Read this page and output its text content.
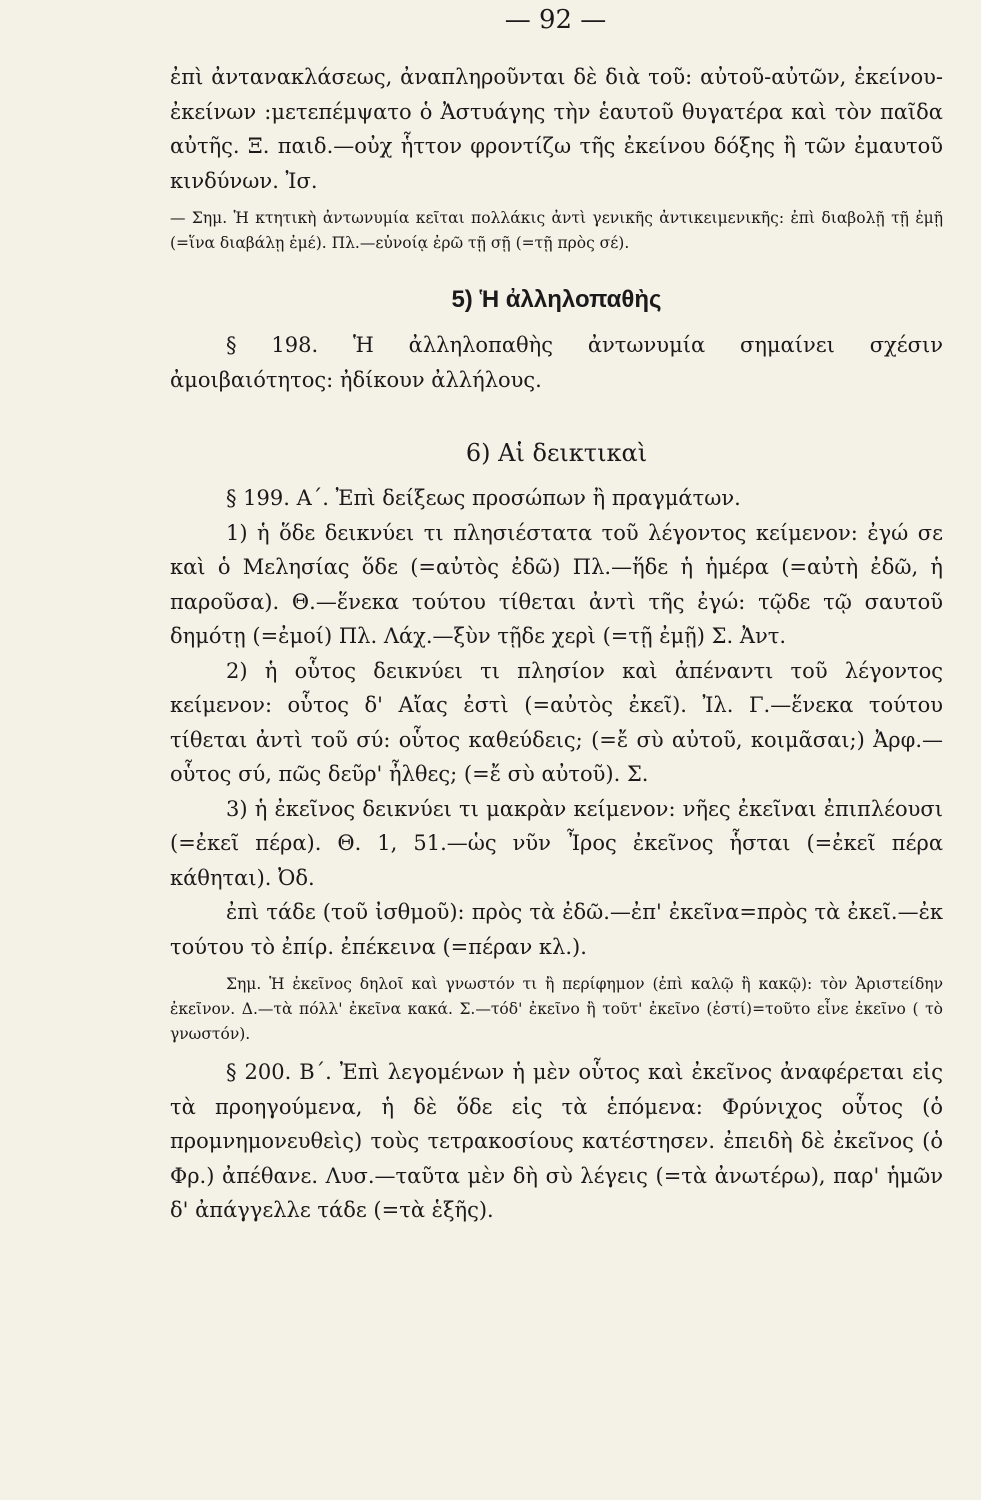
— 92 —

ἐπὶ ἀντανακλάσεως, ἀναπληροῦνται δὲ διὰ τοῦ: αὐτοῦ-αὐτῶν, ἐκείνου-ἐκείνων :μετεπέμψατο ὁ Ἀστυάγης τὴν ἑαυτοῦ θυγατέρα καὶ τὸν παῖδα αὐτῆς. Ξ. παιδ.—οὐχ ἧττον φροντίζω τῆς ἐκείνου δόξης ἢ τῶν ἐμαυτοῦ κινδύνων. Ἰσ.

— Σημ. Ἡ κτητικὴ ἀντωνυμία κεῖται πολλάκις ἀντὶ γενικῆς ἀντικειμενικῆς: ἐπὶ διαβολῇ τῇ ἐμῇ (=ἵνα διαβάλῃ ἐμέ). Πλ.—εὐνοίᾳ ἐρῶ τῇ σῇ (=τῇ πρὸς σέ).

5) Ἡ ἀλληλοπαθὴς

§ 198. Ἡ ἀλληλοπαθὴς ἀντωνυμία σημαίνει σχέσιν ἀμοιβαιότητος: ἠδίκουν ἀλλήλους.

6) Αἱ δεικτικαὶ

§ 199. Α΄. Ἐπὶ δείξεως προσώπων ἢ πραγμάτων.

1) ἡ ὅδε δεικνύει τι πλησιέστατα τοῦ λέγοντος κείμενον: ἐγώ σε καὶ ὁ Μελησίας ὅδε (=αὐτὸς ἐδῶ) Πλ.—ἥδε ἡ ἡμέρα (=αὐτὴ ἐδῶ, ἡ παροῦσα). Θ.—ἕνεκα τούτου τίθεται ἀντὶ τῆς ἐγώ: τῷδε τῷ σαυτοῦ δημότῃ (=ἐμοί) Πλ. Λάχ.—ξὺν τῇδε χερὶ (=τῇ ἐμῇ) Σ. Ἀντ.

2) ἡ οὗτος δεικνύει τι πλησίον καὶ ἀπέναντι τοῦ λέγοντος κείμενον: οὗτος δ' Αἴας ἐστὶ (=αὐτὸς ἐκεῖ). Ἰλ. Γ.—ἕνεκα τούτου τίθεται ἀντὶ τοῦ σύ: οὗτος καθεύδεις; (=ἔ σὺ αὐτοῦ, κοιμᾶσαι;) Ἀρφ.—οὗτος σύ, πῶς δεῦρ' ἦλθες; (=ἔ σὺ αὐτοῦ). Σ.

3) ἡ ἐκεῖνος δεικνύει τι μακρὰν κείμενον: νῆες ἐκεῖναι ἐπιπλέουσι (=ἐκεῖ πέρα). Θ. 1, 51.—ὡς νῦν Ἶρος ἐκεῖνος ἧσται (=ἐκεῖ πέρα κάθηται). Ὀδ.

ἐπὶ τάδε (τοῦ ἰσθμοῦ): πρὸς τὰ ἐδῶ.—ἐπ' ἐκεῖνα=πρὸς τὰ ἐκεῖ.—ἐκ τούτου τὸ ἐπίρ. ἐπέκεινα (=πέραν κλ.).

Σημ. Ἡ ἐκεῖνος δηλοῖ καὶ γνωστόν τι ἢ περίφημον (ἐπὶ καλῷ ἢ κακῷ): τὸν Ἀριστείδην ἐκεῖνον. Δ.—τὰ πόλλ' ἐκεῖνα κακά. Σ.—τόδ' ἐκεῖνο ἢ τοῦτ' ἐκεῖνο (ἐστί)=τοῦτο εἶνε ἐκεῖνο ( τὸ γνωστόν).

§ 200. Β΄. Ἐπὶ λεγομένων ἡ μὲν οὗτος καὶ ἐκεῖνος ἀναφέρεται εἰς τὰ προηγούμενα, ἡ δὲ ὅδε εἰς τὰ ἑπόμενα: Φρύνιχος οὗτος (ὁ προμνημονευθεὶς) τοὺς τετρακοσίους κατέστησεν. ἐπειδὴ δὲ ἐκεῖνος (ὁ Φρ.) ἀπέθανε. Λυσ.—ταῦτα μὲν δὴ σὺ λέγεις (=τὰ ἀνωτέρω), παρ' ἡμῶν δ' ἀπάγγελλε τάδε (=τὰ ἑξῆς).
